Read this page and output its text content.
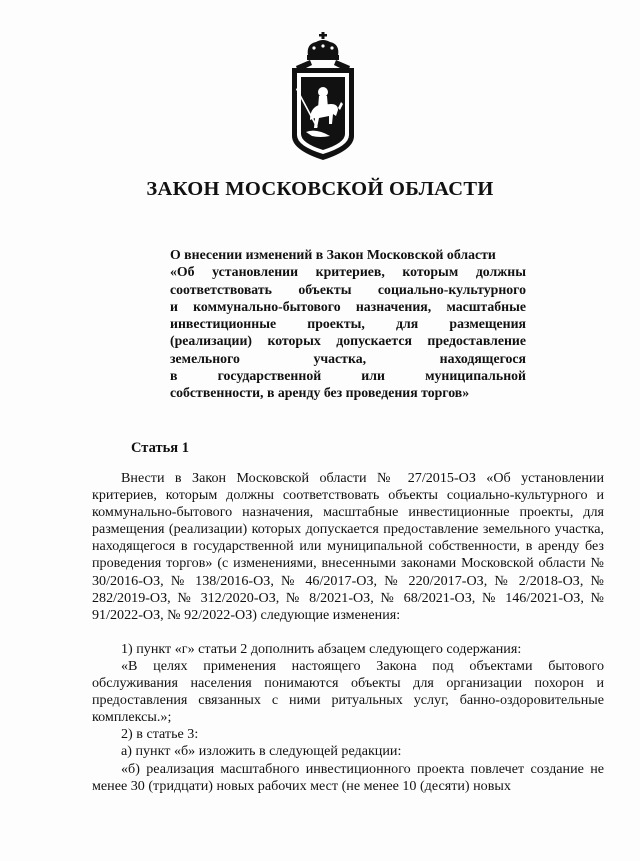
ЗАКОН МОСКОВСКОЙ ОБЛАСТИ
О внесении изменений в Закон Московской области
«Об установлении критериев, которым должны
соответствовать объекты социально-культурного
и коммунально-бытового назначения, масштабные
инвестиционные проекты, для размещения
(реализации) которых допускается предоставление
земельного участка, находящегося
в государственной или муниципальной
собственности, в аренду без проведения торгов»
Статья 1

Внести в Закон Московской области № 27/2015-ОЗ «Об установлении критериев, которым должны соответствовать объекты социально-культурного и коммунально-бытового назначения, масштабные инвестиционные проекты, для размещения (реализации) которых допускается предоставление земельного участка, находящегося в государственной или муниципальной собственности, в аренду без проведения торгов» (с изменениями, внесенными законами Московской области № 30/2016-ОЗ, № 138/2016-ОЗ, № 46/2017-ОЗ, № 220/2017-ОЗ, № 2/2018-ОЗ, № 282/2019-ОЗ, № 312/2020-ОЗ, № 8/2021-ОЗ, № 68/2021-ОЗ, № 146/2021-ОЗ, № 91/2022-ОЗ, № 92/2022-ОЗ) следующие изменения:

1) пункт «г» статьи 2 дополнить абзацем следующего содержания:

«В целях применения настоящего Закона под объектами бытового обслуживания населения понимаются объекты для организации похорон и предоставления связанных с ними ритуальных услуг, банно-оздоровительные комплексы.»;

2) в статье 3:

а) пункт «б» изложить в следующей редакции:

«б) реализация масштабного инвестиционного проекта повлечет создание не менее 30 (тридцати) новых рабочих мест (не менее 10 (десяти) новых
